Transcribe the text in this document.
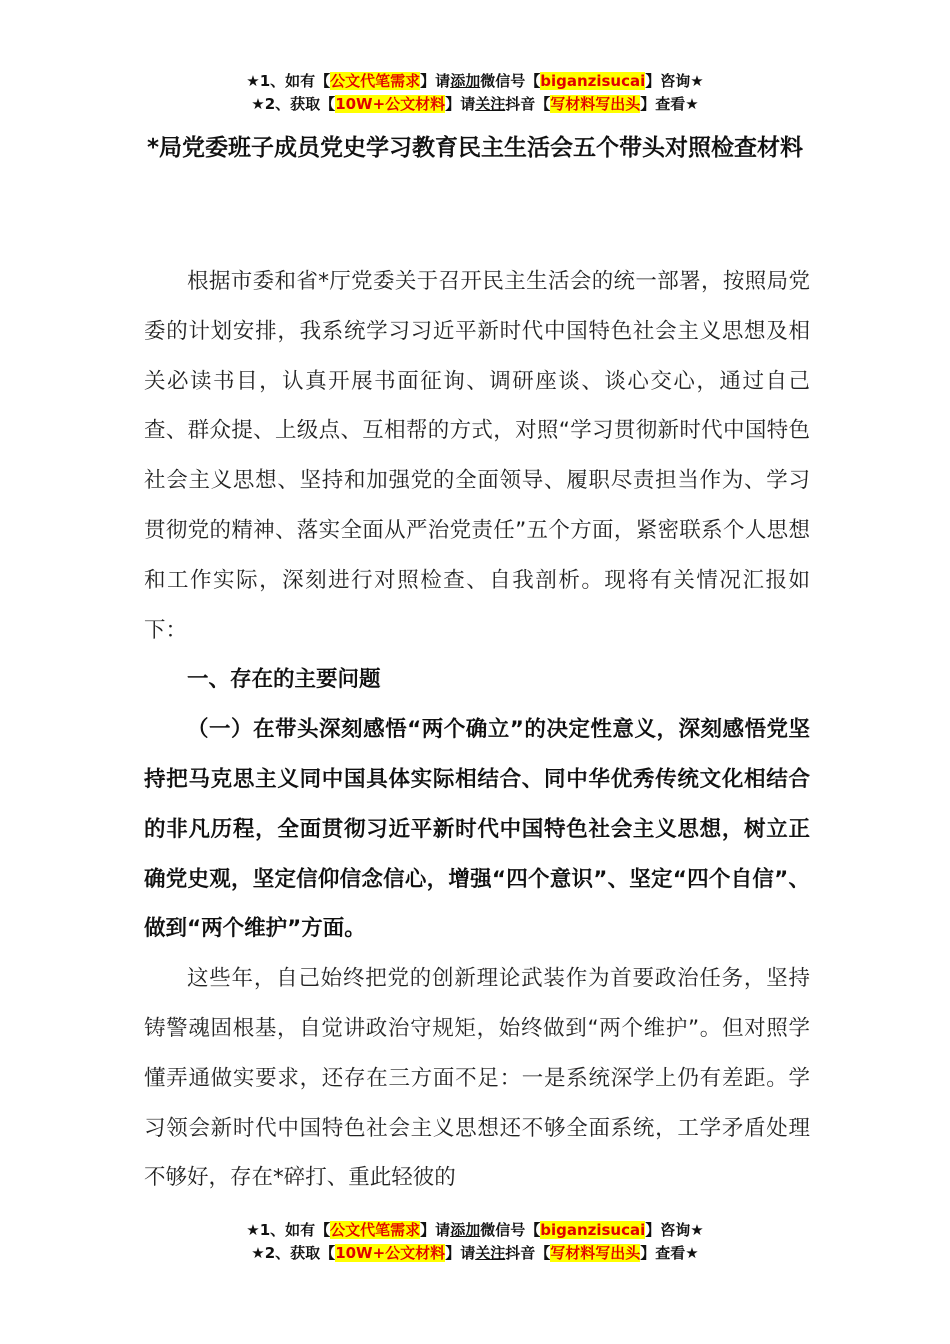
★1、如有【公文代笔需求】请添加微信号【biganzisucai】咨询★
★2、获取【10W+公文材料】请关注抖音【写材料写出头】查看★
*局党委班子成员党史学习教育民主生活会五个带头对照检查材料

根据市委和省*厅党委关于召开民主生活会的统一部署，按照局党委的计划安排，我系统学习习近平新时代中国特色社会主义思想及相关必读书目，认真开展书面征询、调研座谈、谈心交心，通过自己查、群众提、上级点、互相帮的方式，对照“学习贯彻新时代中国特色社会主义思想、坚持和加强党的全面领导、履职尽责担当作为、学习贯彻党的精神、落实全面从严治党责任”五个方面，紧密联系个人思想和工作实际，深刻进行对照检查、自我剖析。现将有关情况汇报如下：

一、存在的主要问题

（一）在带头深刻感悟“两个确立”的决定性意义，深刻感悟党坚持把马克思主义同中国具体实际相结合、同中华优秀传统文化相结合的非凡历程，全面贯彻习近平新时代中国特色社会主义思想，树立正确党史观，坚定信仰信念信心，增强“四个意识”、坚定“四个自信”、做到“两个维护”方面。

这些年，自己始终把党的创新理论武装作为首要政治任务，坚持铸警魂固根基，自觉讲政治守规矩，始终做到“两个维护”。但对照学懂弄通做实要求，还存在三方面不足：一是系统深学上仍有差距。学习领会新时代中国特色社会主义思想还不够全面系统，工学矛盾处理不够好，存在*碎打、重此轻彼的

★1、如有【公文代笔需求】请添加微信号【biganzisucai】咨询★
★2、获取【10W+公文材料】请关注抖音【写材料写出头】查看★
